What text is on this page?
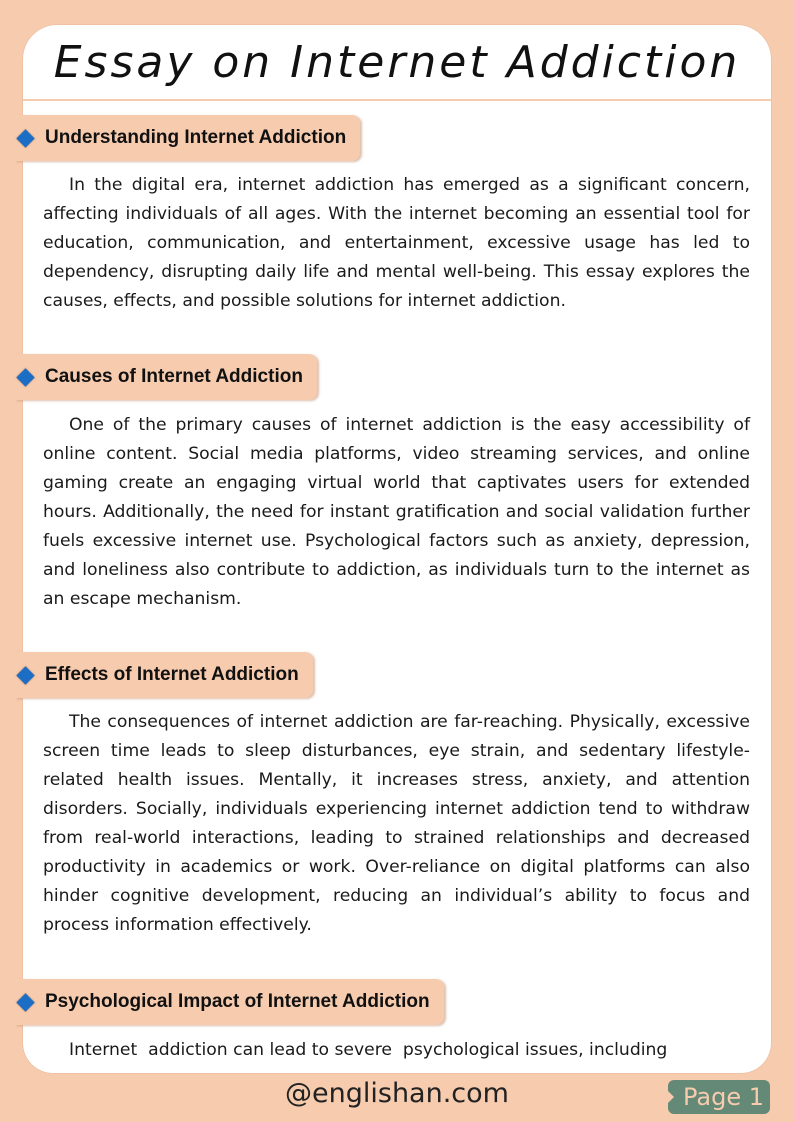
Essay on Internet Addiction
Understanding Internet Addiction

In the digital era, internet addiction has emerged as a significant concern, affecting individuals of all ages. With the internet becoming an essential tool for education, communication, and entertainment, excessive usage has led to dependency, disrupting daily life and mental well-being. This essay explores the causes, effects, and possible solutions for internet addiction.

Causes of Internet Addiction

One of the primary causes of internet addiction is the easy accessibility of online content. Social media platforms, video streaming services, and online gaming create an engaging virtual world that captivates users for extended hours. Additionally, the need for instant gratification and social validation further fuels excessive internet use. Psychological factors such as anxiety, depression, and loneliness also contribute to addiction, as individuals turn to the internet as an escape mechanism.

Effects of Internet Addiction

The consequences of internet addiction are far-reaching. Physically, excessive screen time leads to sleep disturbances, eye strain, and sedentary lifestyle-related health issues. Mentally, it increases stress, anxiety, and attention disorders. Socially, individuals experiencing internet addiction tend to withdraw from real-world interactions, leading to strained relationships and decreased productivity in academics or work. Over-reliance on digital platforms can also hinder cognitive development, reducing an individual’s ability to focus and process information effectively.

Psychological Impact of Internet Addiction

Internet  addiction can lead to severe  psychological issues, including

@englishan.com	Page 1
